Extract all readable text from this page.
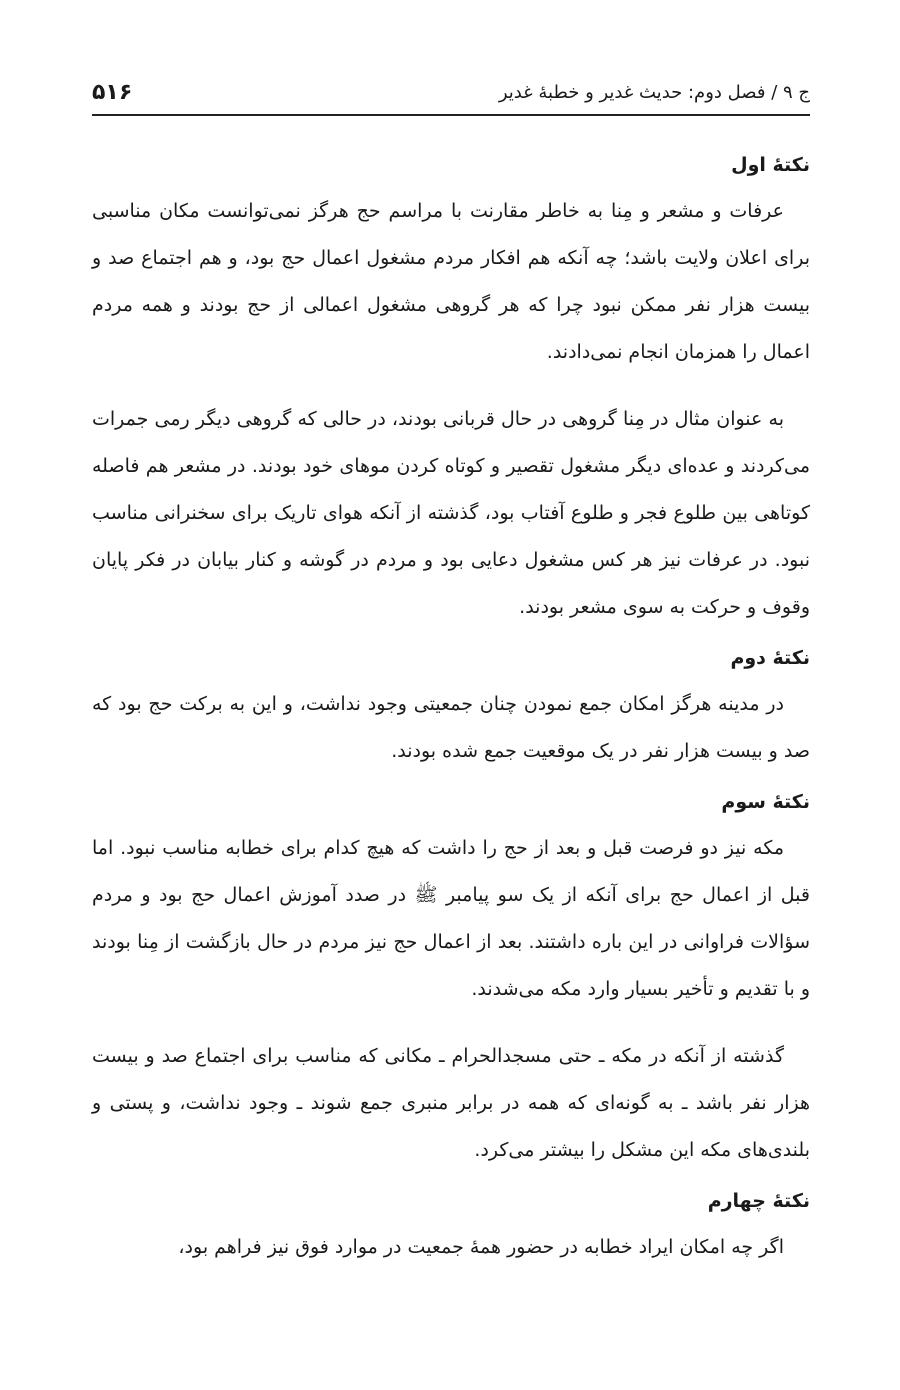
ج ۹ / فصل دوم: حدیث غدیر و خطبهٔ غدیر
۵۱۶
نکتهٔ اول

عرفات و مشعر و مِنا به خاطر مقارنت با مراسم حج هرگز نمی‌توانست مکان مناسبی برای اعلان ولایت باشد؛ چه آنکه هم افکار مردم مشغول اعمال حج بود، و هم اجتماع صد و بیست هزار نفر ممکن نبود چرا که هر گروهی مشغول اعمالی از حج بودند و همه مردم اعمال را همزمان انجام نمی‌دادند.

به عنوان مثال در مِنا گروهی در حال قربانی بودند، در حالی که گروهی دیگر رمی جمرات می‌کردند و عده‌ای دیگر مشغول تقصیر و کوتاه کردن موهای خود بودند. در مشعر هم فاصله کوتاهی بین طلوع فجر و طلوع آفتاب بود، گذشته از آنکه هوای تاریک برای سخنرانی مناسب نبود. در عرفات نیز هر کس مشغول دعایی بود و مردم در گوشه و کنار بیابان در فکر پایان وقوف و حرکت به سوی مشعر بودند.

نکتهٔ دوم

در مدینه هرگز امکان جمع نمودن چنان جمعیتی وجود نداشت، و این به برکت حج بود که صد و بیست هزار نفر در یک موقعیت جمع شده بودند.

نکتهٔ سوم

مکه نیز دو فرصت قبل و بعد از حج را داشت که هیچ کدام برای خطابه مناسب نبود. اما قبل از اعمال حج برای آنکه از یک سو پیامبر ﷺ در صدد آموزش اعمال حج بود و مردم سؤالات فراوانی در این باره داشتند. بعد از اعمال حج نیز مردم در حال بازگشت از مِنا بودند و با تقدیم و تأخیر بسیار وارد مکه می‌شدند.

گذشته از آنکه در مکه ـ حتی مسجدالحرام ـ مکانی که مناسب برای اجتماع صد و بیست هزار نفر باشد ـ به گونه‌ای که همه در برابر منبری جمع شوند ـ وجود نداشت، و پستی و بلندی‌های مکه این مشکل را بیشتر می‌کرد.

نکتهٔ چهارم

اگر چه امکان ایراد خطابه در حضور همهٔ جمعیت در موارد فوق نیز فراهم بود،
